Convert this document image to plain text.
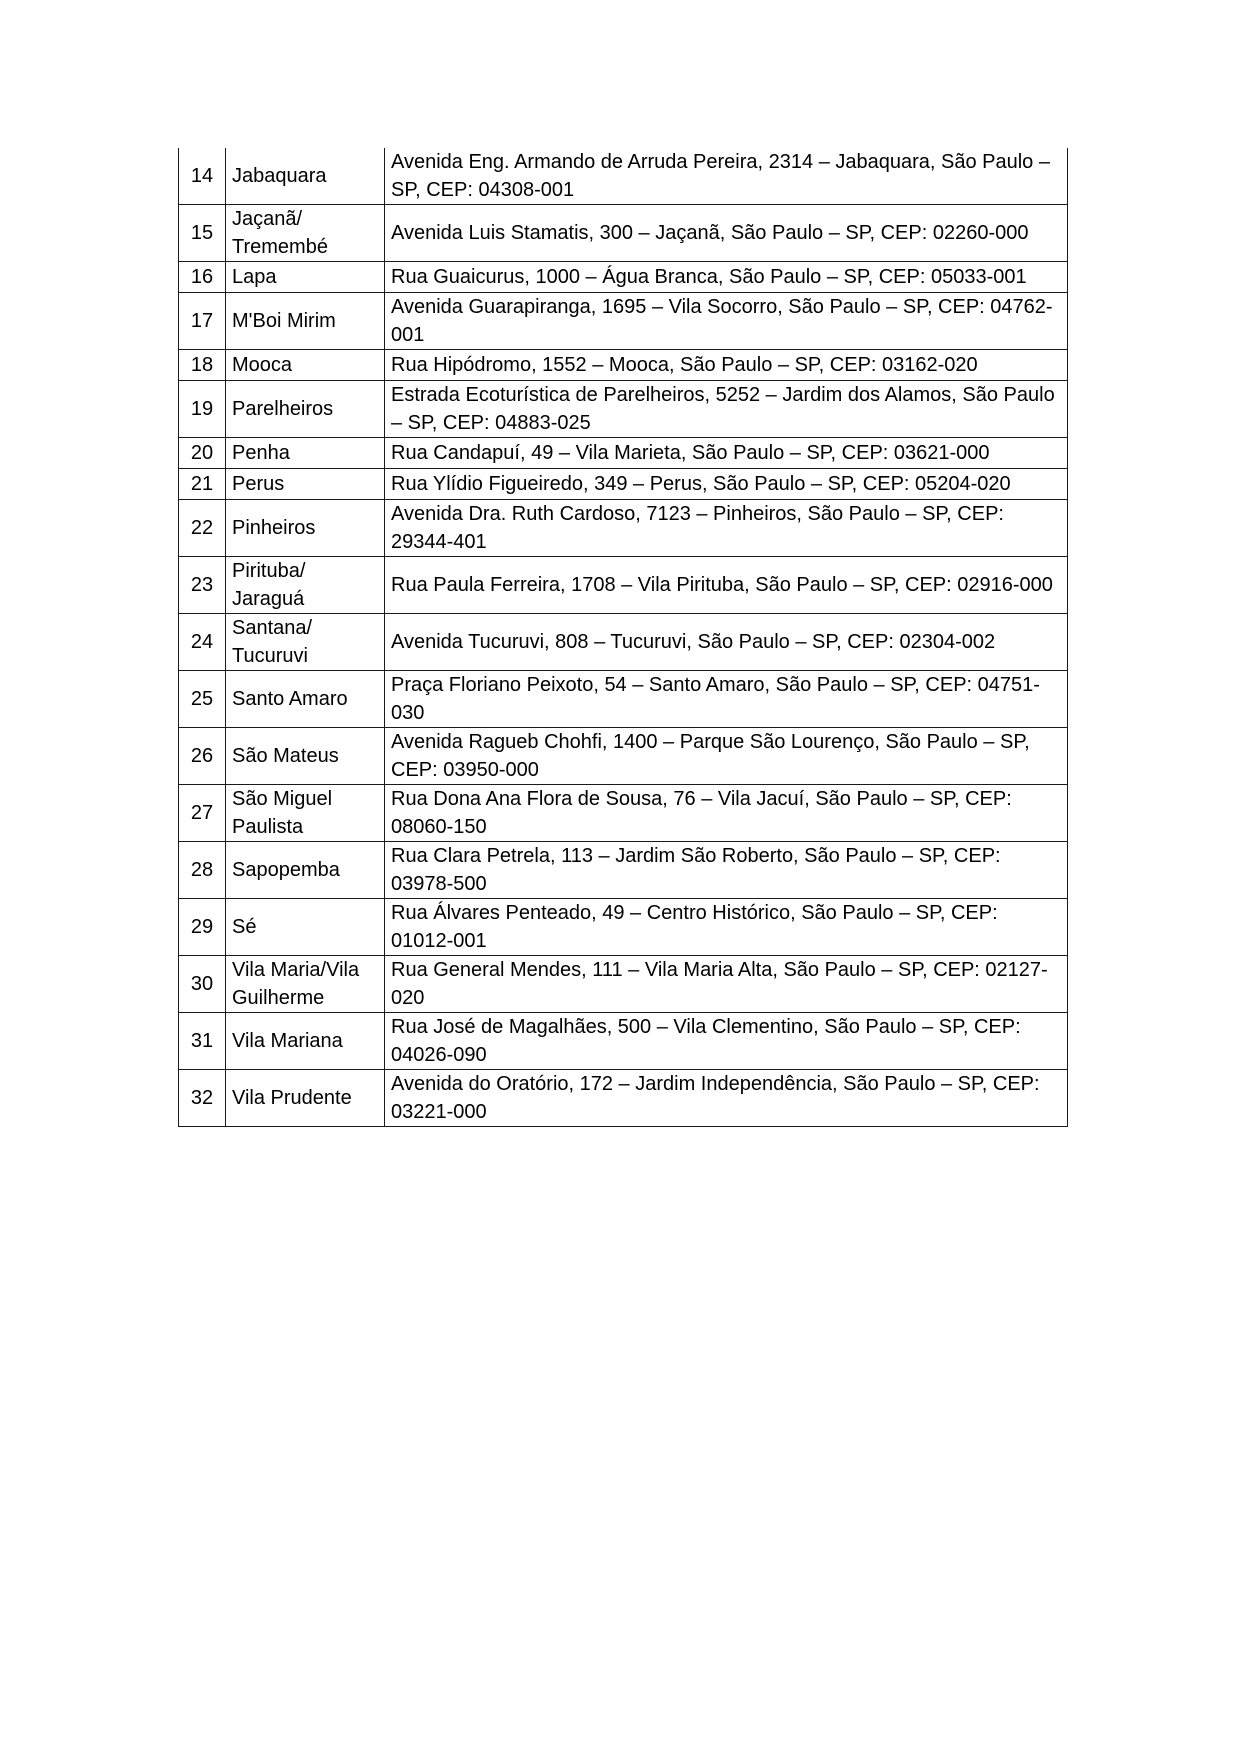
14	Jabaquara	Avenida Eng. Armando de Arruda Pereira, 2314 – Jabaquara, São Paulo – SP, CEP: 04308-001
15	Jaçanã/ Tremembé	Avenida Luis Stamatis, 300 – Jaçanã, São Paulo – SP, CEP: 02260-000
16	Lapa	Rua Guaicurus, 1000 – Água Branca, São Paulo – SP, CEP: 05033-001
17	M'Boi Mirim	Avenida Guarapiranga, 1695 – Vila Socorro, São Paulo – SP, CEP: 04762-001
18	Mooca	Rua Hipódromo, 1552 – Mooca, São Paulo – SP, CEP: 03162-020
19	Parelheiros	Estrada Ecoturística de Parelheiros, 5252 – Jardim dos Alamos, São Paulo – SP, CEP: 04883-025
20	Penha	Rua Candapuí, 49 – Vila Marieta, São Paulo – SP, CEP: 03621-000
21	Perus	Rua Ylídio Figueiredo, 349 – Perus, São Paulo – SP, CEP: 05204-020
22	Pinheiros	Avenida Dra. Ruth Cardoso, 7123 – Pinheiros, São Paulo – SP, CEP: 29344-401
23	Pirituba/ Jaraguá	Rua Paula Ferreira, 1708 – Vila Pirituba, São Paulo – SP, CEP: 02916-000
24	Santana/ Tucuruvi	Avenida Tucuruvi, 808 – Tucuruvi, São Paulo – SP, CEP: 02304-002
25	Santo Amaro	Praça Floriano Peixoto, 54 – Santo Amaro, São Paulo – SP, CEP: 04751-030
26	São Mateus	Avenida Ragueb Chohfi, 1400 – Parque São Lourenço, São Paulo – SP, CEP: 03950-000
27	São Miguel Paulista	Rua Dona Ana Flora de Sousa, 76 – Vila Jacuí, São Paulo – SP, CEP: 08060-150
28	Sapopemba	Rua Clara Petrela, 113 – Jardim São Roberto, São Paulo – SP, CEP: 03978-500
29	Sé	Rua Álvares Penteado, 49 – Centro Histórico, São Paulo – SP, CEP: 01012-001
30	Vila Maria/Vila Guilherme	Rua General Mendes, 111 – Vila Maria Alta, São Paulo – SP, CEP: 02127-020
31	Vila Mariana	Rua José de Magalhães, 500 – Vila Clementino, São Paulo – SP, CEP: 04026-090
32	Vila Prudente	Avenida do Oratório, 172 – Jardim Independência, São Paulo – SP, CEP: 03221-000
